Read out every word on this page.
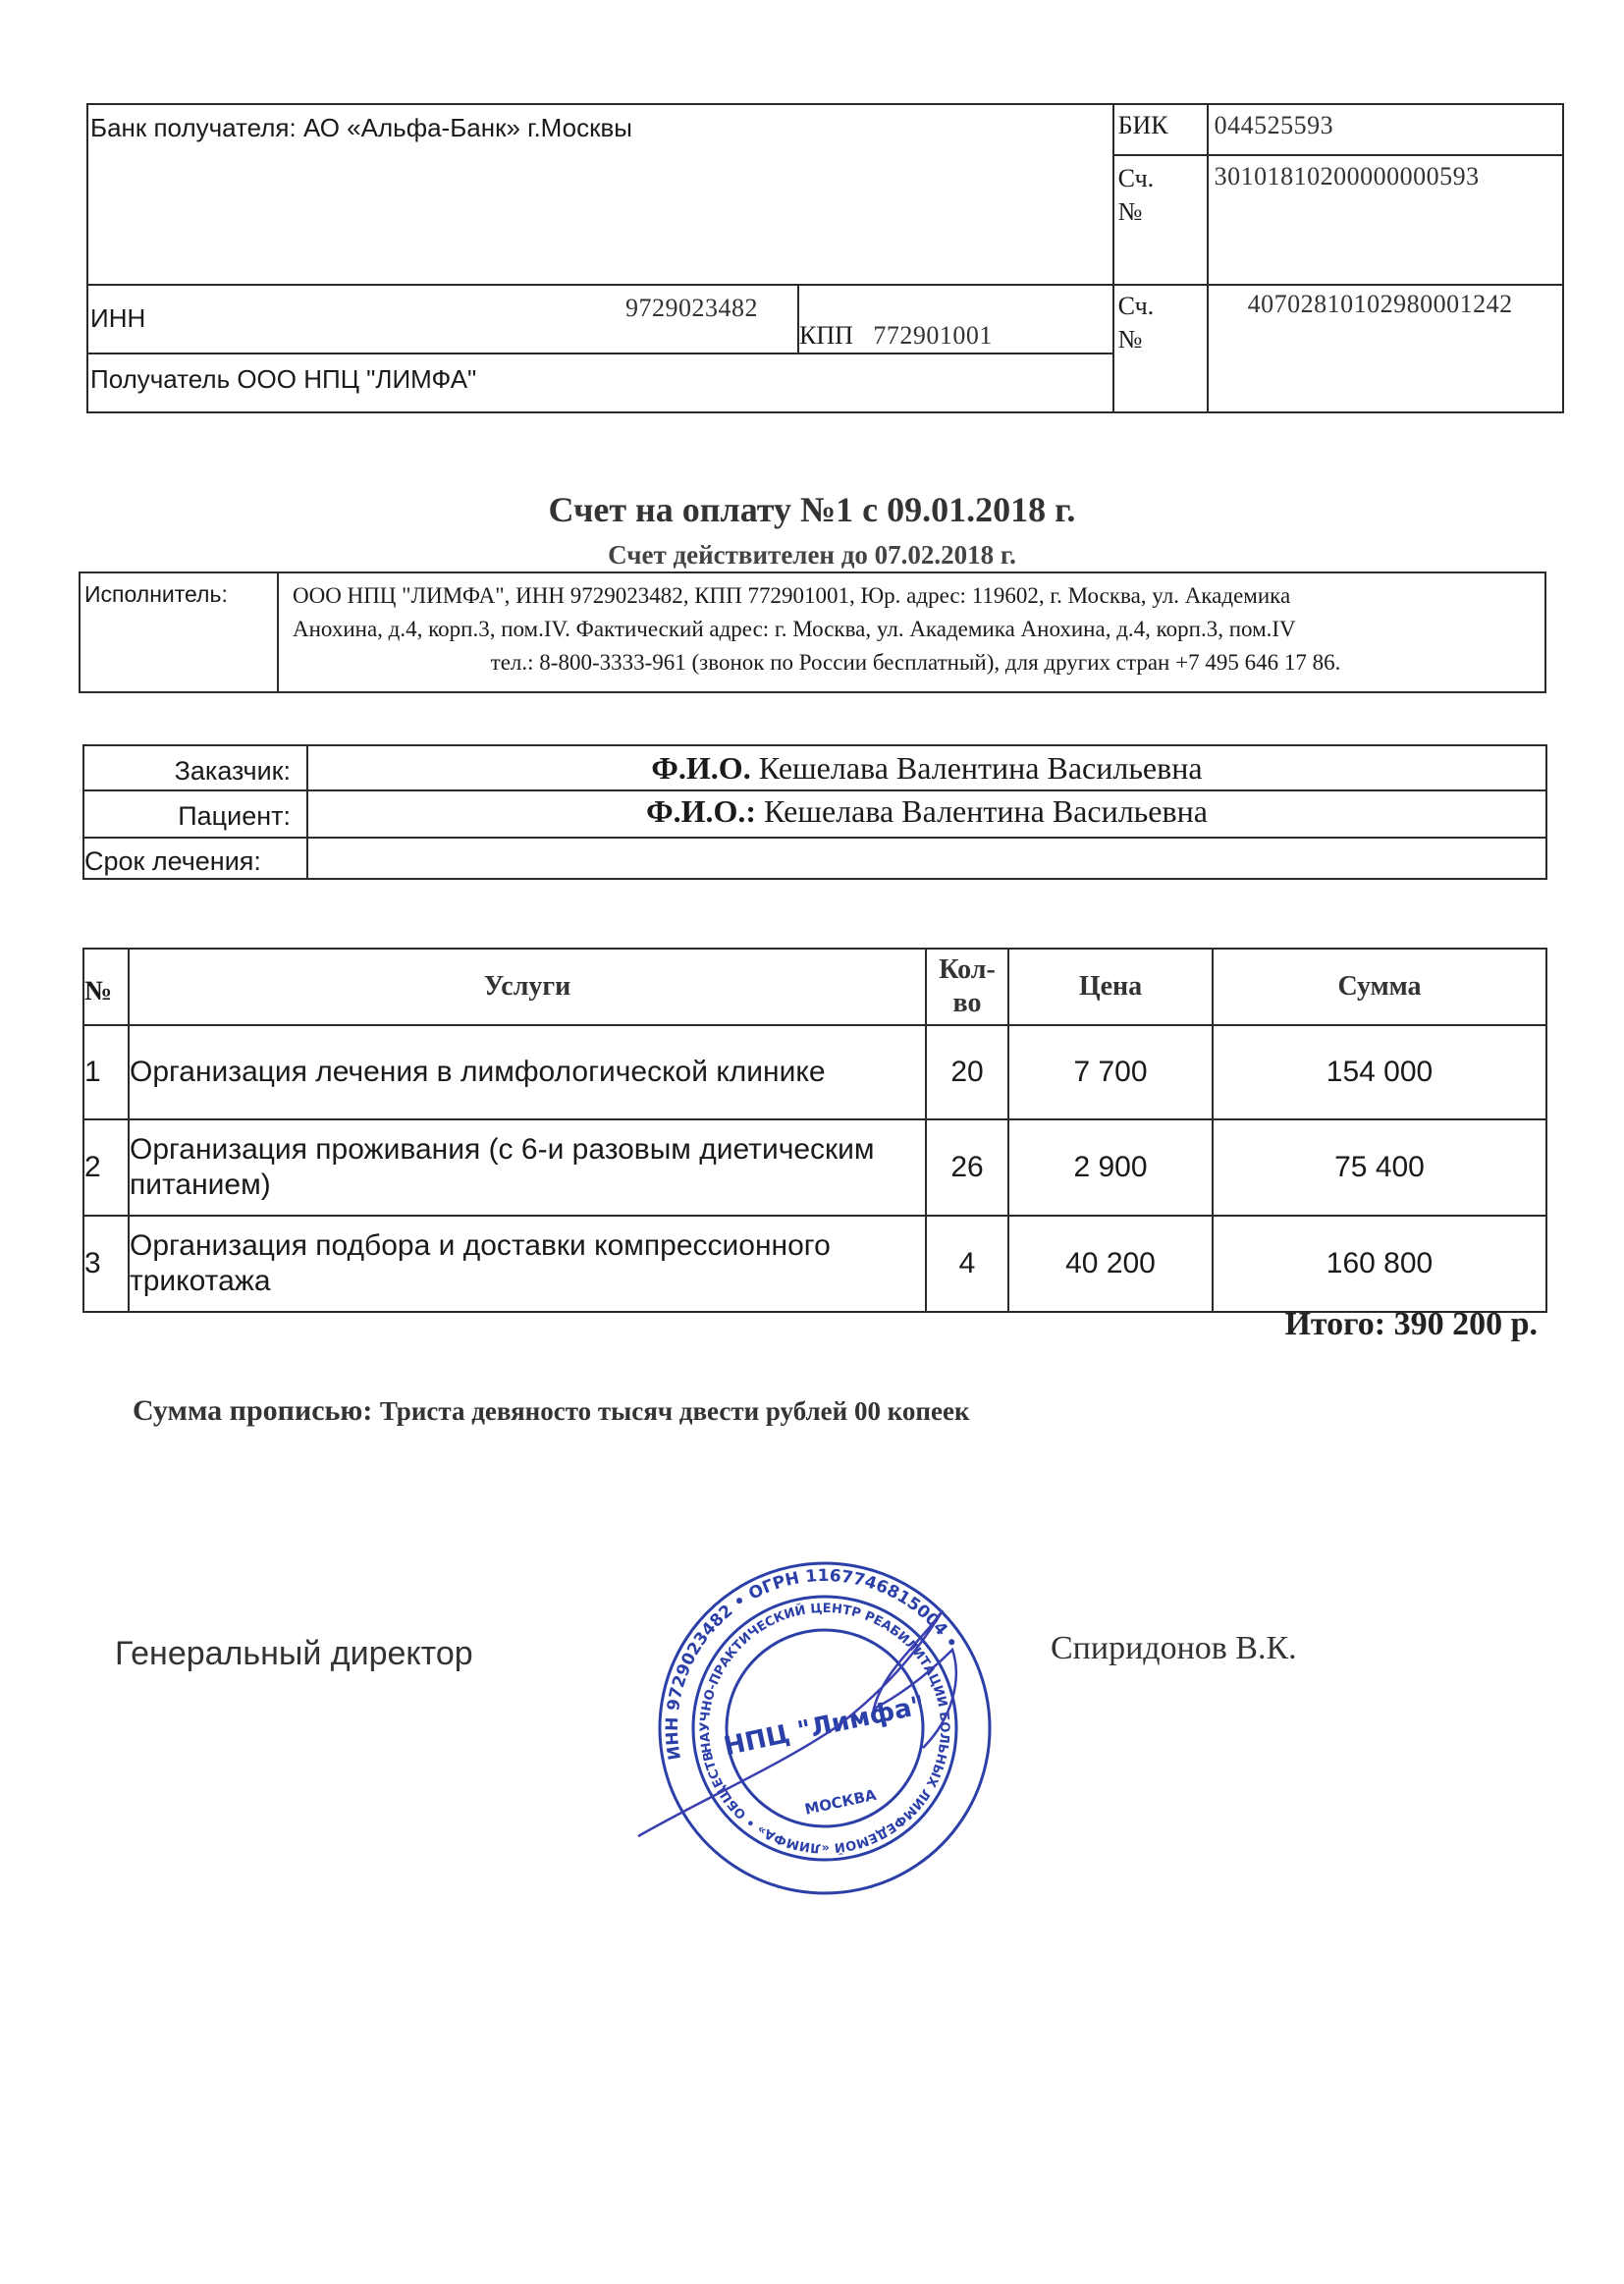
Банк получателя: АО «Альфа-Банк» г.Москвы		БИК	044525593

		Сч. №	30101810200000000593
ИНН 9729023482	КПП 772901001	Сч. №	40702810102980001242
Получатель ООО НПЦ "ЛИМФА"			
Счет на оплату №1 с 09.01.2018 г.
Счет действителен до 07.02.2018 г.
Исполнитель:	ООО НПЦ "ЛИМФА", ИНН 9729023482, КПП 772901001, Юр. адрес: 119602, г. Москва, ул. Академика
Анохина, д.4, корп.3, пом.IV. Фактический адрес: г. Москва, ул. Академика Анохина, д.4, корп.3, пом.IV
тел.: 8-800-3333-961 (звонок по России бесплатный), для других стран +7 495 646 17 86.
Заказчик:	Ф.И.О. Кешелава Валентина Васильевна
Пациент:	Ф.И.О.: Кешелава Валентина Васильевна
Срок лечения:	
№	Услуги	Кол-во	Цена	Сумма
1	Организация лечения в лимфологической клинике	20	7 700	154 000
2	Организация проживания (с 6-и разовым диетическим питанием)	26	2 900	75 400
3	Организация подбора и доставки компрессионного трикотажа	4	40 200	160 800
Итого: 390 200 р.
Сумма прописью: Триста девяносто тысяч двести рублей 00 копеек
Генеральный директор	Спиридонов В.К.
ИНН 9729023482 • ОГРН 1167746815004 •
НАУЧНО-ПРАКТИЧЕСКИЙ ЦЕНТР РЕАБИЛИТАЦИИ БОЛЬНЫХ ЛИМФЕДЕМОЙ «ЛИМФА» • ОБЩЕСТВО
НПЦ "Лимфа"
МОСКВА
